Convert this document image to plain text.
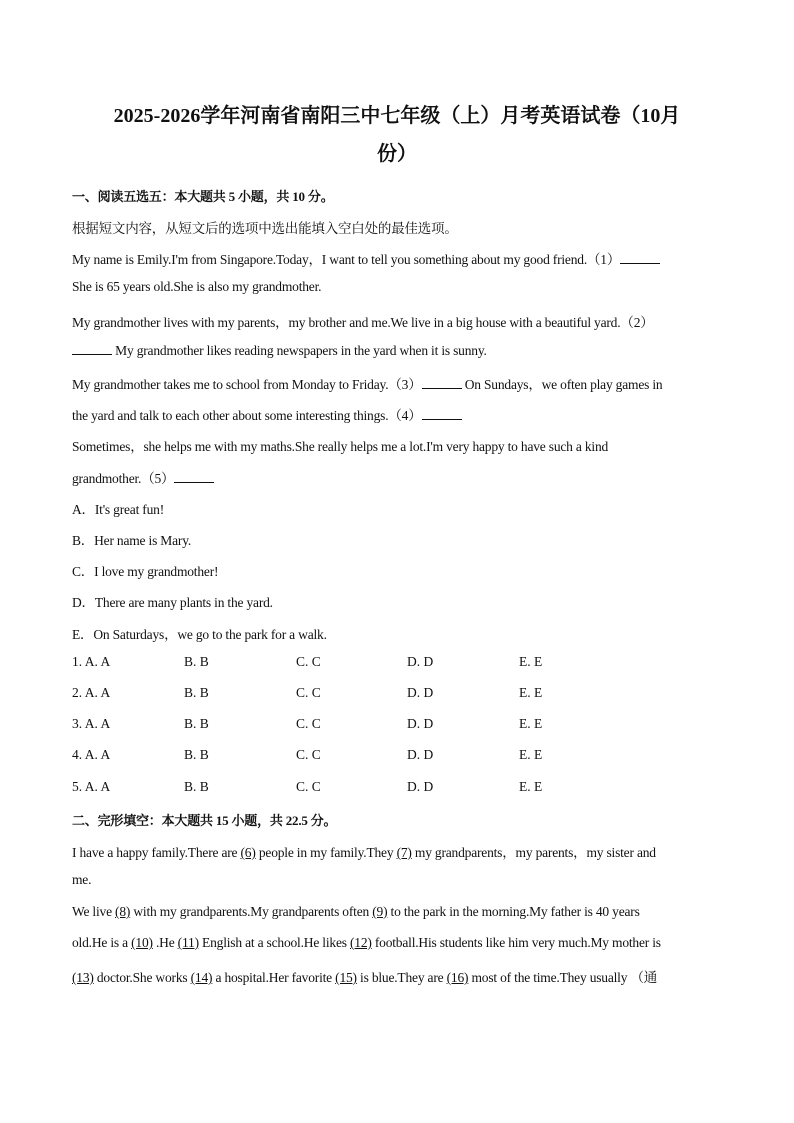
2025-2026学年河南省南阳三中七年级（上）月考英语试卷（10月
份）
一、阅读五选五：本大题共 5 小题，共 10 分。
根据短文内容，从短文后的选项中选出能填入空白处的最佳选项。
My name is Emily.I'm from Singapore.Today，I want to tell you something about my good friend.（1）
She is 65 years old.She is also my grandmother.
My grandmother lives with my parents，my brother and me.We live in a big house with a beautiful yard.（2）
My grandmother likes reading newspapers in the yard when it is sunny.
My grandmother takes me to school from Monday to Friday.（3）	On Sundays，we often play games in
the yard and talk to each other about some interesting things.（4）
Sometimes，she helps me with my maths.She really helps me a lot.I'm very happy to have such a kind
grandmother.（5）
A．It's great fun!
B．Her name is Mary.
C．I love my grandmother!
D．There are many plants in the yard.
E．On Saturdays，we go to the park for a walk.
1. A. A	B. B	C. C	D. D	E. E
2. A. A	B. B	C. C	D. D	E. E
3. A. A	B. B	C. C	D. D	E. E
4. A. A	B. B	C. C	D. D	E. E
5. A. A	B. B	C. C	D. D	E. E
二、完形填空：本大题共 15 小题，共 22.5 分。
I have a happy family.There are (6) people in my family.They (7) my grandparents，my parents，my sister and
me.
We live (8) with my grandparents.My grandparents often (9) to the park in the morning.My father is 40 years
old.He is a (10) .He (11) English at a school.He likes (12) football.His students like him very much.My mother is
(13) doctor.She works (14) a hospital.Her favorite (15) is blue.They are (16) most of the time.They usually （通
